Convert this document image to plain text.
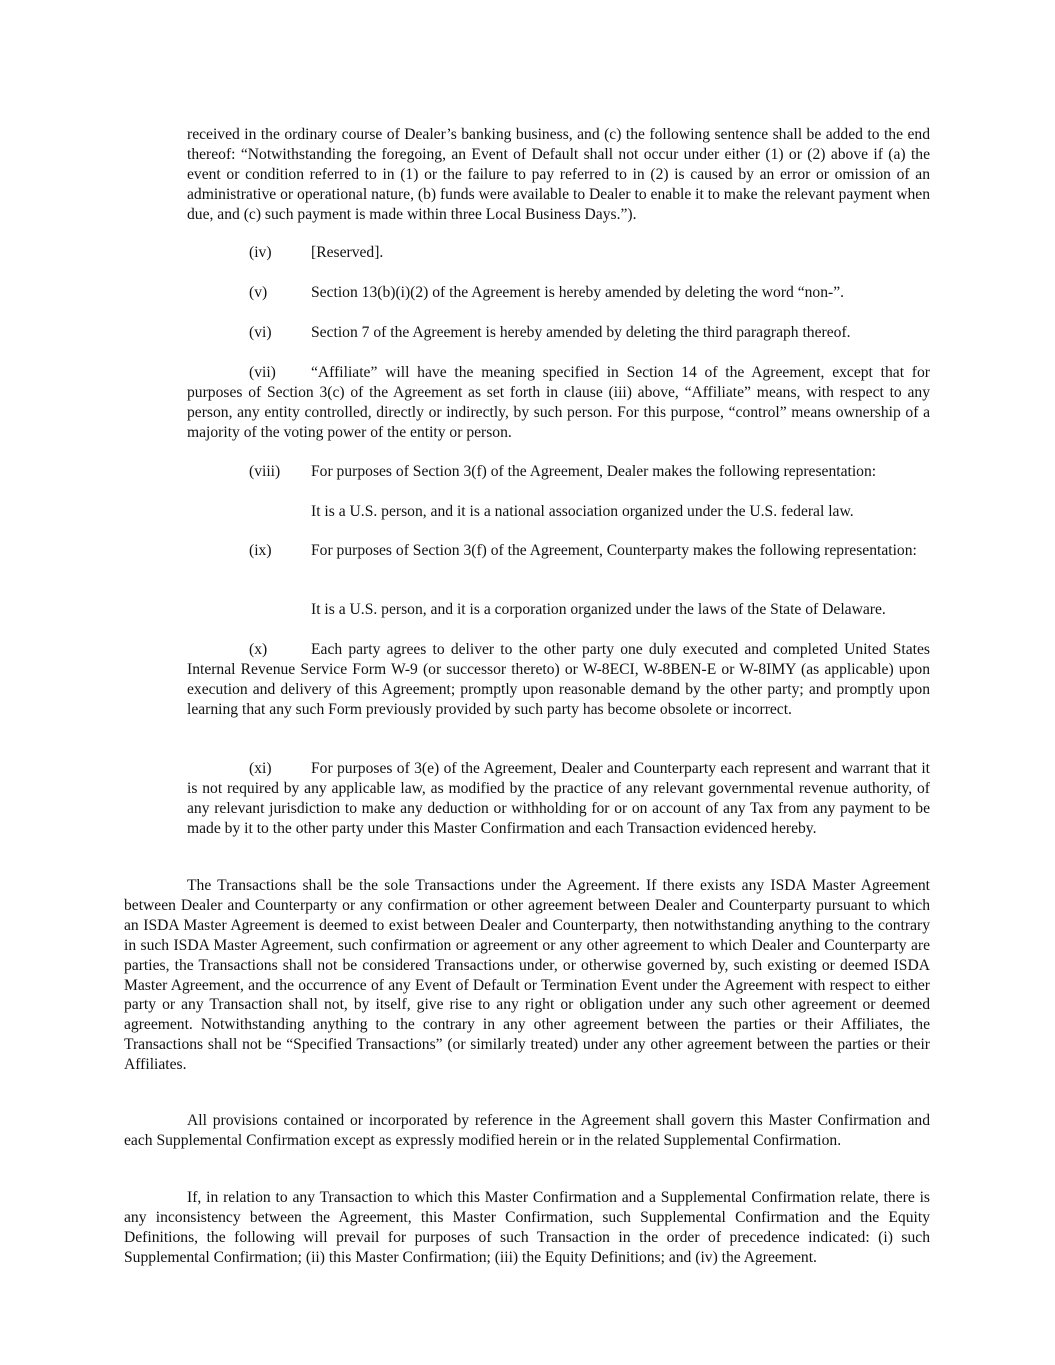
received in the ordinary course of Dealer’s banking business, and (c) the following sentence shall be added to the end thereof: “Notwithstanding the foregoing, an Event of Default shall not occur under either (1) or (2) above if (a) the event or condition referred to in (1) or the failure to pay referred to in (2) is caused by an error or omission of an administrative or operational nature, (b) funds were available to Dealer to enable it to make the relevant payment when due, and (c) such payment is made within three Local Business Days.”).

(iv)	[Reserved].
(v)	Section 13(b)(i)(2) of the Agreement is hereby amended by deleting the word “non-”.
(vi)	Section 7 of the Agreement is hereby amended by deleting the third paragraph thereof.

(vii) “Affiliate” will have the meaning specified in Section 14 of the Agreement, except that for purposes of Section 3(c) of the Agreement as set forth in clause (iii) above, “Affiliate” means, with respect to any person, any entity controlled, directly or indirectly, by such person. For this purpose, “control” means ownership of a majority of the voting power of the entity or person.

(viii) For purposes of Section 3(f) of the Agreement, Dealer makes the following representation:
It is a U.S. person, and it is a national association organized under the U.S. federal law.

(ix)	For purposes of Section 3(f) of the Agreement, Counterparty makes the following representation:

It is a U.S. person, and it is a corporation organized under the laws of the State of Delaware.

(x)	Each party agrees to deliver to the other party one duly executed and completed United States Internal Revenue Service Form W-9 (or successor thereto) or W-8ECI, W-8BEN-E or W-8IMY (as applicable) upon execution and delivery of this Agreement; promptly upon reasonable demand by the other party; and promptly upon learning that any such Form previously provided by such party has become obsolete or incorrect.

(xi)	For purposes of 3(e) of the Agreement, Dealer and Counterparty each represent and warrant that it is not required by any applicable law, as modified by the practice of any relevant governmental revenue authority, of any relevant jurisdiction to make any deduction or withholding for or on account of any Tax from any payment to be made by it to the other party under this Master Confirmation and each Transaction evidenced hereby.

The Transactions shall be the sole Transactions under the Agreement. If there exists any ISDA Master Agreement between Dealer and Counterparty or any confirmation or other agreement between Dealer and Counterparty pursuant to which an ISDA Master Agreement is deemed to exist between Dealer and Counterparty, then notwithstanding anything to the contrary in such ISDA Master Agreement, such confirmation or agreement or any other agreement to which Dealer and Counterparty are parties, the Transactions shall not be considered Transactions under, or otherwise governed by, such existing or deemed ISDA Master Agreement, and the occurrence of any Event of Default or Termination Event under the Agreement with respect to either party or any Transaction shall not, by itself, give rise to any right or obligation under any such other agreement or deemed agreement. Notwithstanding anything to the contrary in any other agreement between the parties or their Affiliates, the Transactions shall not be “Specified Transactions” (or similarly treated) under any other agreement between the parties or their Affiliates.

All provisions contained or incorporated by reference in the Agreement shall govern this Master Confirmation and each Supplemental Confirmation except as expressly modified herein or in the related Supplemental Confirmation.

If, in relation to any Transaction to which this Master Confirmation and a Supplemental Confirmation relate, there is any inconsistency between the Agreement, this Master Confirmation, such Supplemental Confirmation and the Equity Definitions, the following will prevail for purposes of such Transaction in the order of precedence indicated: (i) such Supplemental Confirmation; (ii) this Master Confirmation; (iii) the Equity Definitions; and (iv) the Agreement.
